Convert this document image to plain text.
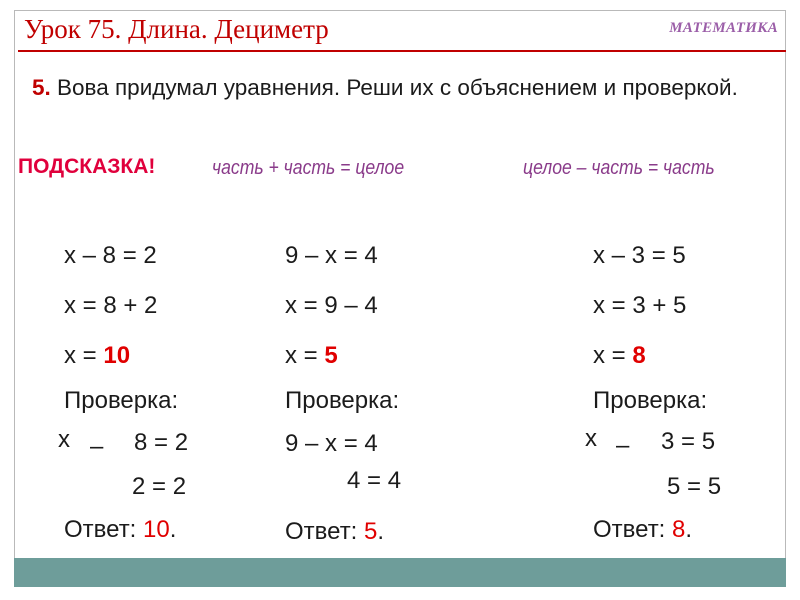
Урок 75. Длина. Дециметр	МАТЕМАТИКА
5. Вова придумал уравнения. Реши их с объяснением и проверкой.
ПОДСКАЗКА!	часть + часть = целое	целое – часть = часть
х – 8 = 2
х = 8 + 2
х = 10
Проверка:
х – 8 = 2
2 = 2
Ответ: 10.
9 – х = 4
х = 9 – 4
х = 5
Проверка:
9 – х = 4
4 = 4
Ответ: 5.
х – 3 = 5
х = 3 + 5
х = 8
Проверка:
х – 3 = 5
5 = 5
Ответ: 8.
